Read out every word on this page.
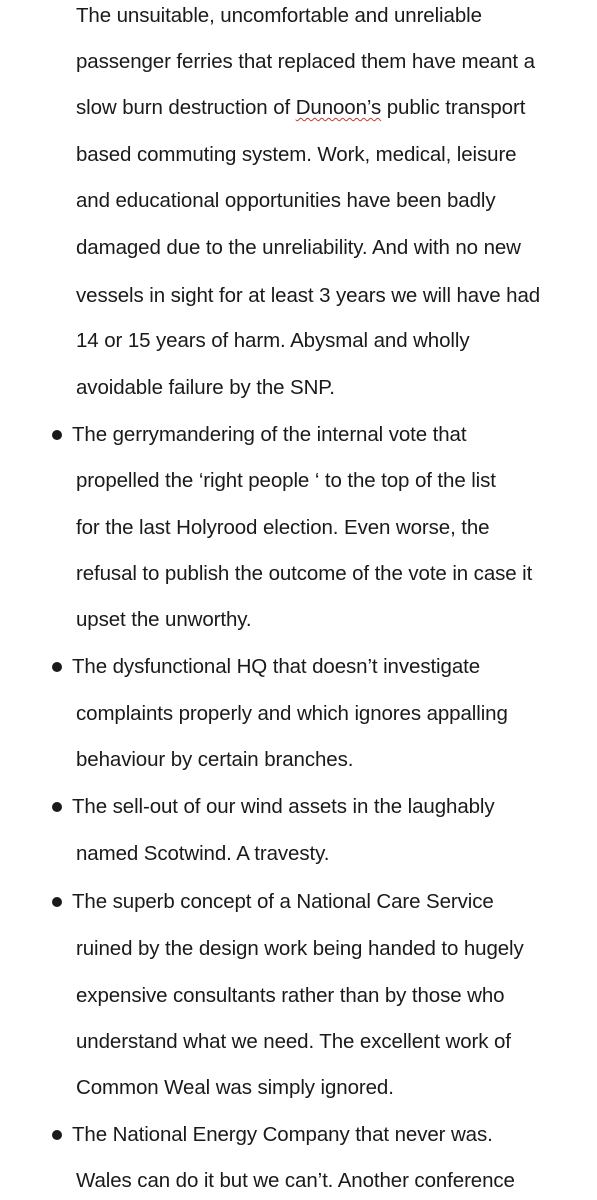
The unsuitable, uncomfortable and unreliable
passenger ferries that replaced them have meant a
slow burn destruction of Dunoon’s public transport
based commuting system. Work, medical, leisure
and educational opportunities have been badly
damaged due to the unreliability. And with no new
vessels in sight for at least 3 years we will have had
14 or 15 years of harm. Abysmal and wholly
avoidable failure by the SNP.
The gerrymandering of the internal vote that
propelled the ‘right people ‘ to the top of the list
for the last Holyrood election. Even worse, the
refusal to publish the outcome of the vote in case it
upset the unworthy.
The dysfunctional HQ that doesn’t investigate
complaints properly and which ignores appalling
behaviour by certain branches.
The sell-out of our wind assets in the laughably
named Scotwind. A travesty.
The superb concept of a National Care Service
ruined by the design work being handed to hugely
expensive consultants rather than by those who
understand what we need. The excellent work of
Common Weal was simply ignored.
The National Energy Company that never was.
Wales can do it but we can’t. Another conference
